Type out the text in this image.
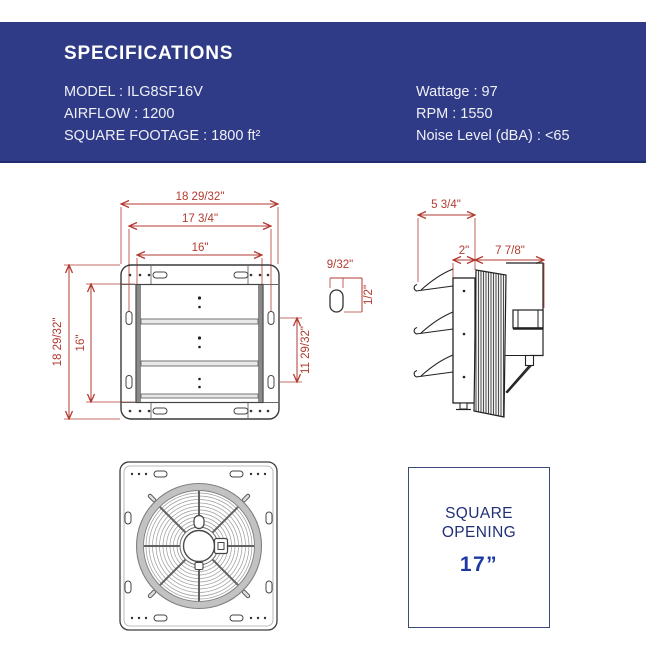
SPECIFICATIONS
MODEL : ILG8SF16V
AIRFLOW : 1200
SQUARE FOOTAGE : 1800 ft²
Wattage : 97
RPM : 1550
Noise Level (dBA) : <65
18 29/32"
17 3/4"
16"
18 29/32" 16"	11 29/32"
9/32"
1/2"
5 3/4"
2" 7 7/8"
SQUARE
OPENING
17”
